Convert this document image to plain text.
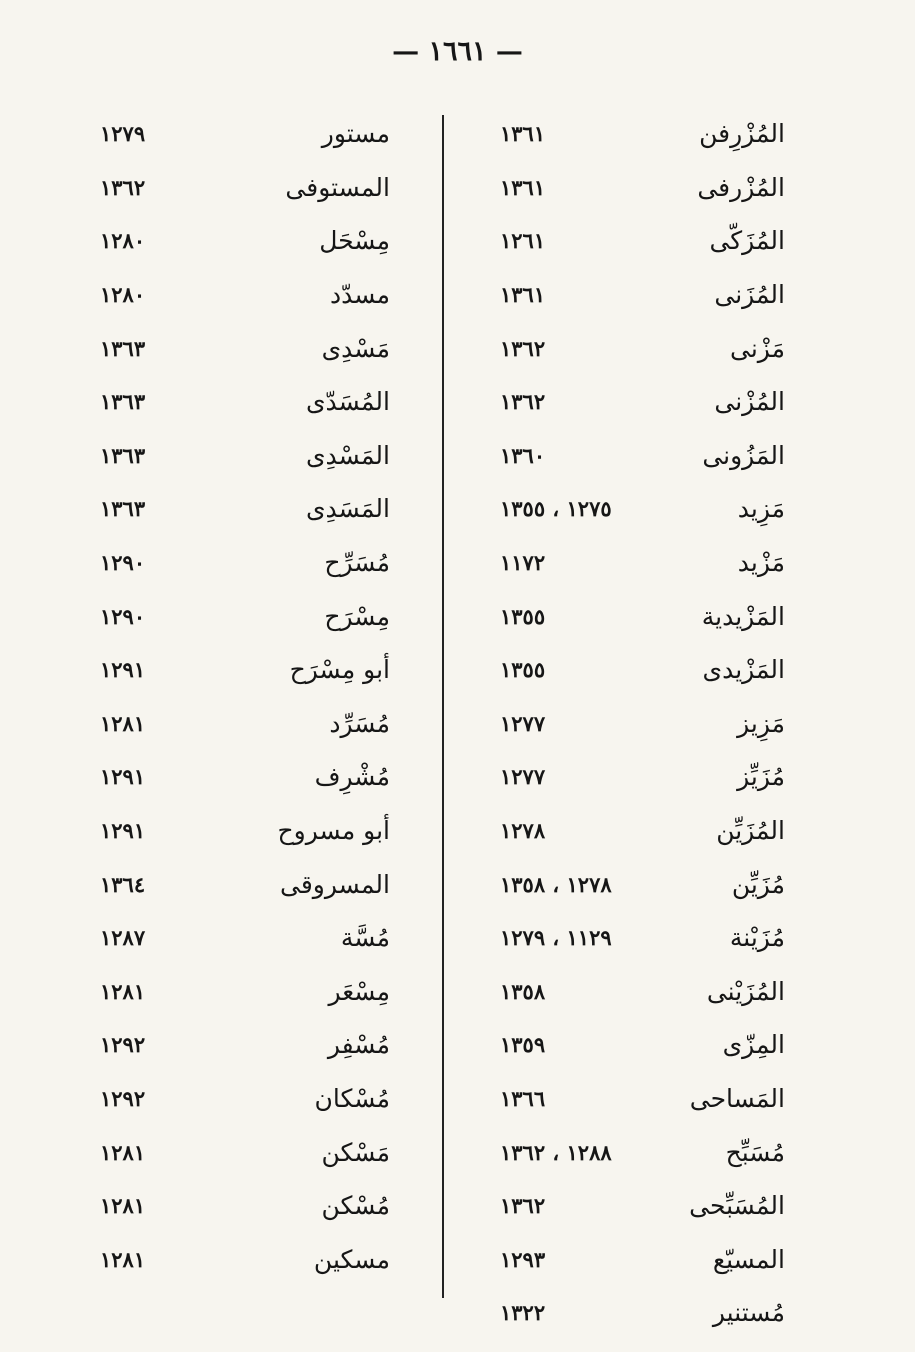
— ١٦٦١ —
المُزْرِفن
١٣٦١
المُزْرفى
١٣٦١
المُزَكّى
١٢٦١
المُزَنى
١٣٦١
مَزْنى
١٣٦٢
المُزْنى
١٣٦٢
المَزُونى
١٣٦٠
مَزِيد
١٢٧٥ ، ١٣٥٥
مَزْيد
١١٧٢
المَزْيدية
١٣٥٥
المَزْيدى
١٣٥٥
مَزِيز
١٢٧٧
مُزَيِّز
١٢٧٧
المُزَيِّن
١٢٧٨
مُزَيِّن
١٢٧٨ ، ١٣٥٨
مُزَيْنة
١١٢٩ ، ١٢٧٩
المُزَيْنى
١٣٥٨
المِزّى
١٣٥٩
المَساحى
١٣٦٦
مُسَبِّح
١٢٨٨ ، ١٣٦٢
المُسَبِّحى
١٣٦٢
المسيّع
١٢٩٣
مُستنير
١٣٢٢
مستور
١٢٧٩
المستوفى
١٣٦٢
مِسْحَل
١٢٨٠
مسدّد
١٢٨٠
مَسْدِى
١٣٦٣
المُسَدّى
١٣٦٣
المَسْدِى
١٣٦٣
المَسَدِى
١٣٦٣
مُسَرِّح
١٢٩٠
مِسْرَح
١٢٩٠
أبو مِسْرَح
١٢٩١
مُسَرِّد
١٢٨١
مُشْرِف
١٢٩١
أبو مسروح
١٢٩١
المسروقى
١٣٦٤
مُسَّة
١٢٨٧
مِسْعَر
١٢٨١
مُسْفِر
١٢٩٢
مُسْكان
١٢٩٢
مَسْكن
١٢٨١
مُسْكن
١٢٨١
مسكين
١٢٨١
